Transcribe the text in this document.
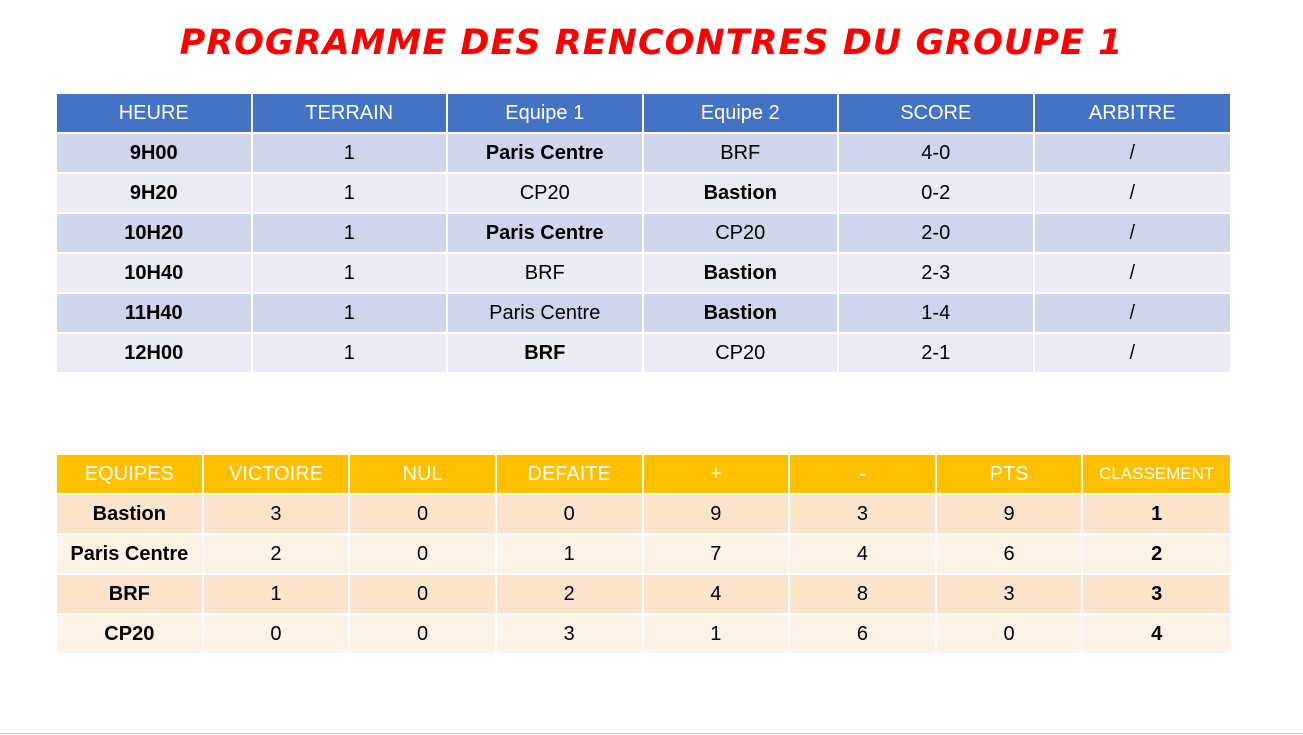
PROGRAMME DES RENCONTRES DU GROUPE 1
HEURE	TERRAIN	Equipe 1	Equipe 2	SCORE	ARBITRE
9H00	1	Paris Centre	BRF	4-0	/
9H20	1	CP20	Bastion	0-2	/
10H20	1	Paris Centre	CP20	2-0	/
10H40	1	BRF	Bastion	2-3	/
11H40	1	Paris Centre	Bastion	1-4	/
12H00	1	BRF	CP20	2-1	/
EQUIPES	VICTOIRE	NUL	DEFAITE	+	-	PTS	CLASSEMENT
Bastion	3	0	0	9	3	9	1
Paris Centre	2	0	1	7	4	6	2
BRF	1	0	2	4	8	3	3
CP20	0	0	3	1	6	0	4
